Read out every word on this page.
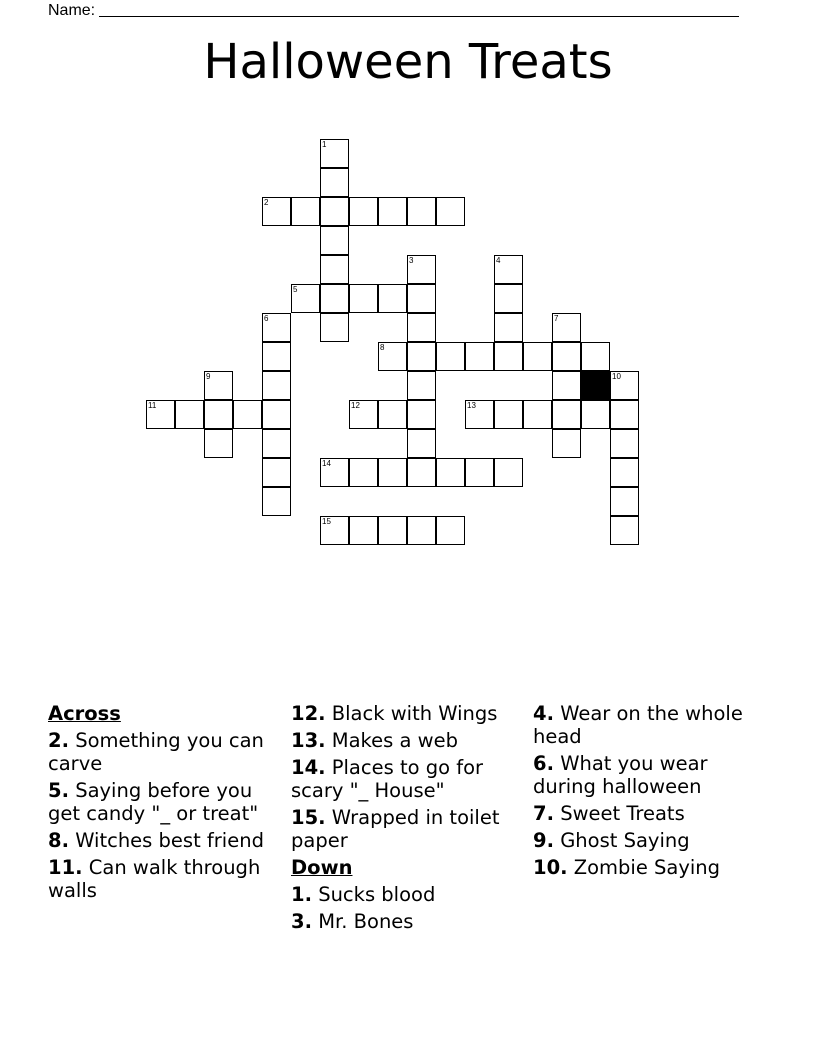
Name:
Halloween Treats
1
2
3	4
5
6	7
8
9	10
11	12	13
14
15
Across
2. Something you can carve
5. Saying before you get candy "_ or treat"
8. Witches best friend
11. Can walk through walls
12. Black with Wings
13. Makes a web
14. Places to go for scary "_ House"
15. Wrapped in toilet paper
Down
1. Sucks blood
3. Mr. Bones
4. Wear on the whole head
6. What you wear during halloween
7. Sweet Treats
9. Ghost Saying
10. Zombie Saying
